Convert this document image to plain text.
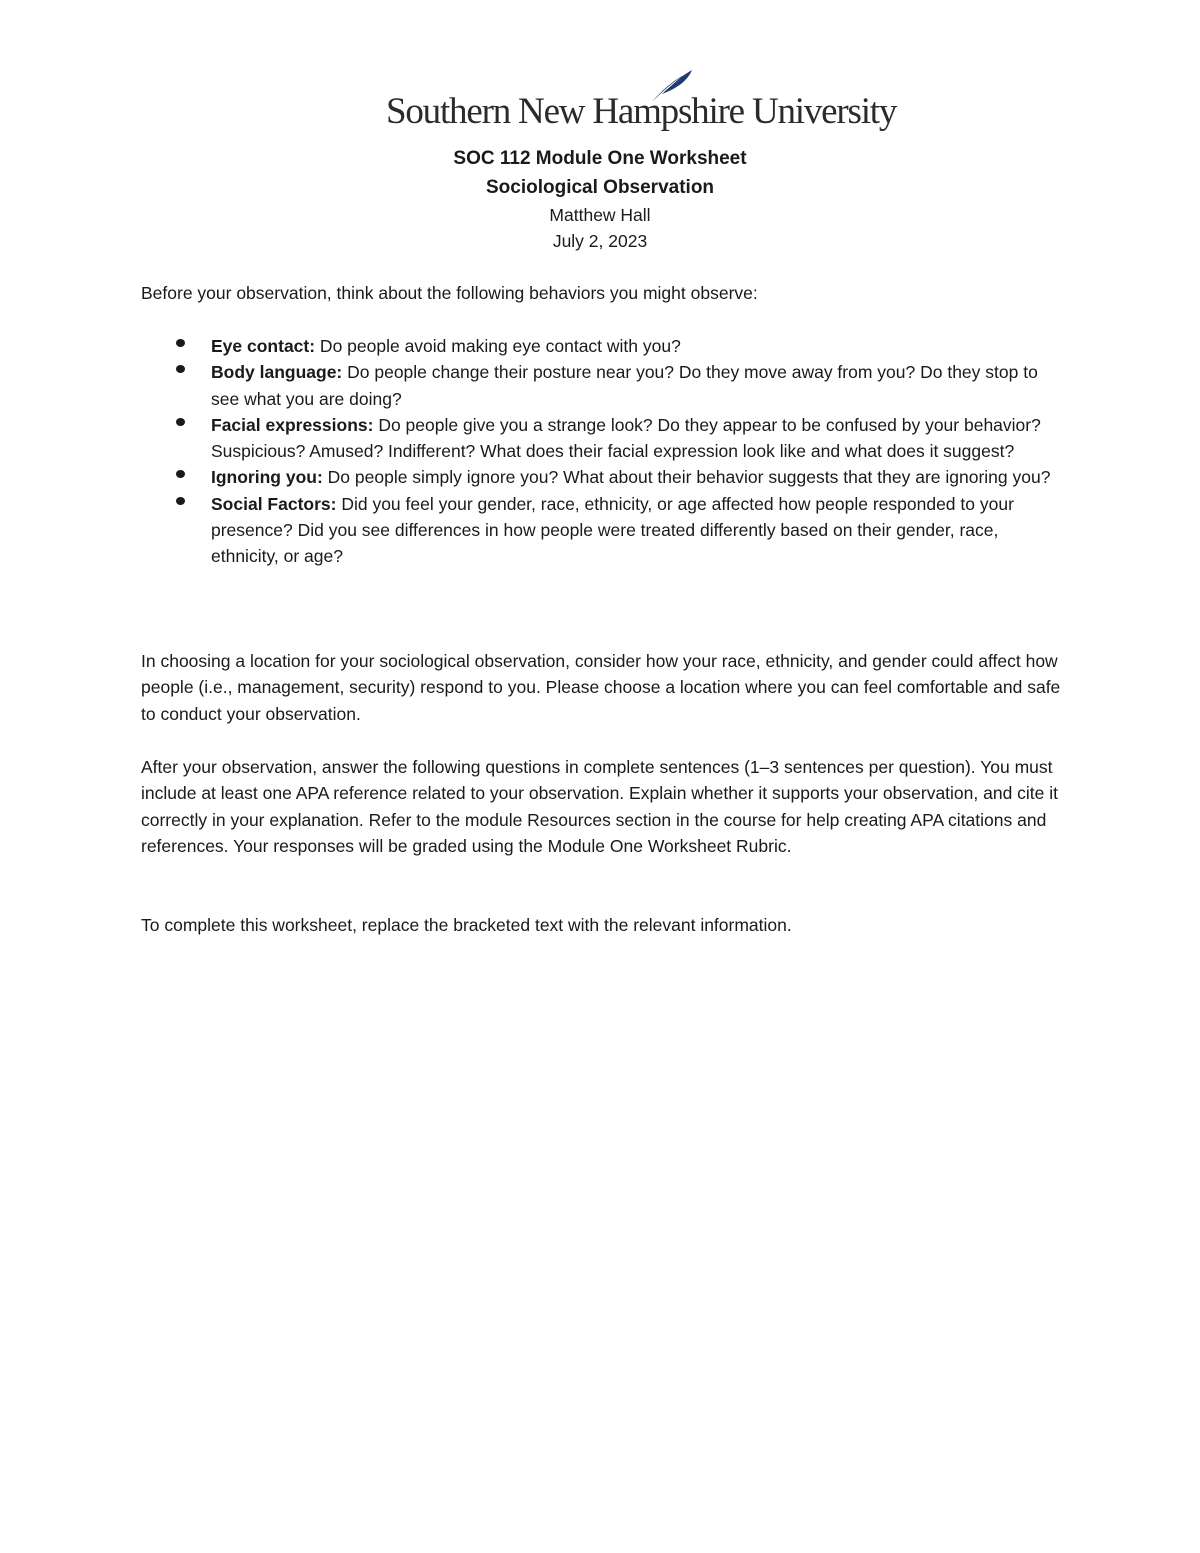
Southern New Hampshire University

SOC 112 Module One Worksheet

Sociological Observation

Matthew Hall

July 2, 2023

Before your observation, think about the following behaviors you might observe:

Eye contact: Do people avoid making eye contact with you?
Body language: Do people change their posture near you? Do they move away from you? Do they stop to see what you are doing?
Facial expressions: Do people give you a strange look? Do they appear to be confused by your behavior? Suspicious? Amused? Indifferent? What does their facial expression look like and what does it suggest?
Ignoring you: Do people simply ignore you? What about their behavior suggests that they are ignoring you?
Social Factors: Did you feel your gender, race, ethnicity, or age affected how people responded to your presence? Did you see differences in how people were treated differently based on their gender, race, ethnicity, or age?

In choosing a location for your sociological observation, consider how your race, ethnicity, and gender could affect how people (i.e., management, security) respond to you. Please choose a location where you can feel comfortable and safe to conduct your observation.

After your observation, answer the following questions in complete sentences (1–3 sentences per question). You must include at least one APA reference related to your observation. Explain whether it supports your observation, and cite it correctly in your explanation. Refer to the module Resources section in the course for help creating APA citations and references. Your responses will be graded using the Module One Worksheet Rubric.

To complete this worksheet, replace the bracketed text with the relevant information.
